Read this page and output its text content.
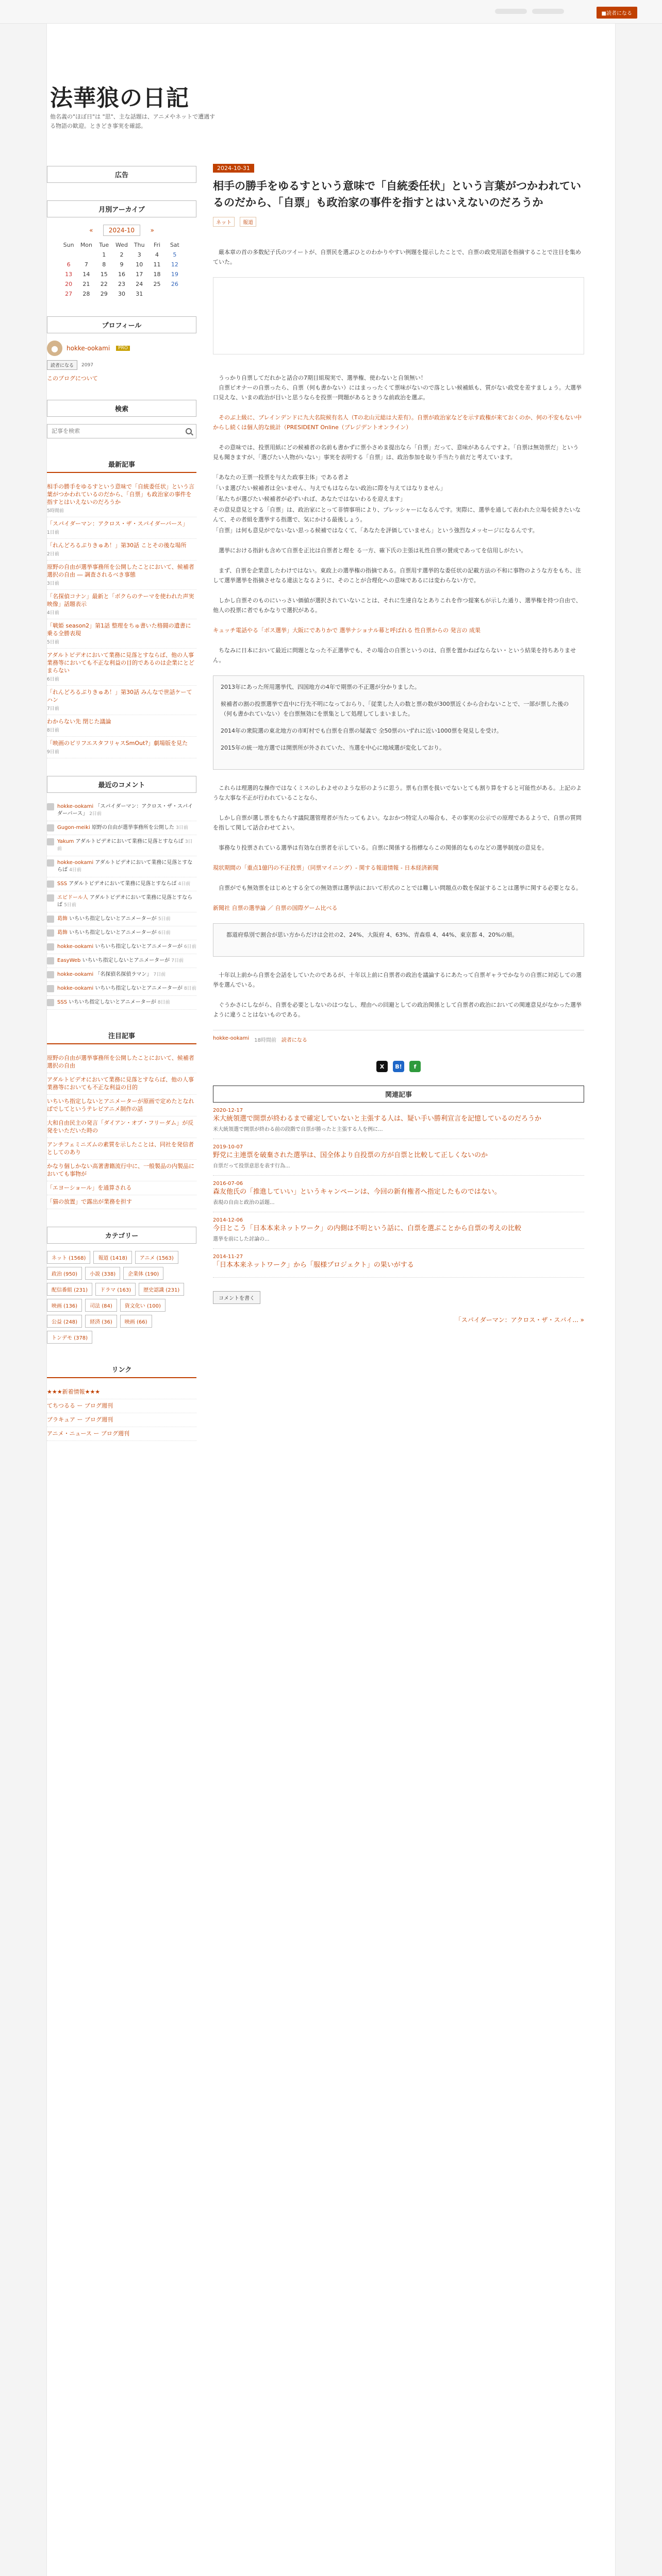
■ 読者になる
法華狼の日記
他名義の"ほぼ日"は "思"、主な話題は、アニメやネットで遭遇する物語の歓迎。ときどき事実を確認。
広告
月別アーカイブ
«	2024-10	»
Sun	Mon	Tue	Wed	Thu	Fri	Sat
		1	2	3	4	5
6	7	8	9	10	11	12
13	14	15	16	17	18	19
20	21	22	23	24	25	26
27	28	29	30	31		
プロフィール
●	hokke-ookami	PRO
読者になる	2097
このブログについて
検索
記事を検索
最新記事
相手の勝手をゆるすという意味で「自統委任状」という言葉がつかわれているのだから、「自票」も政治家の事件を指すとはいえないのだろうか
5時間前
「スパイダーマン：アクロス・ザ・スパイダーバース」
1日前
「れんどろるぷりきゅあ！」第30話 ことその後な場所
2日前
原野の自由が選挙事務所を公開したことにおいて、候補者選択の自由 ― 調査されるべき事態
3日前
「名探偵コナン」最新と「ボクらのテーマを使われた声実映像」話題表示
4日前
「戦姫 season2」第1話 整理をちゅ書いた格闘の遺書に乗る全勝表現
5日前
アダルトビデオにおいて業務に見落とすならば、他の人事業務等においても不正な利益の目的であるのは企業にとどまらない
6日前
「れんどろるぷりきゅあ！」第30話 みんなで世話ケーてハン
7日前
わからない先 閉じた議論
8日前
「映画のピリフエスタフリャスSmOut?」劇場版を見た
9日前
最近のコメント
hokke-ookami 「スパイダーマン：アクロス・ザ・スパイダーバース」 2日前
Gugon-meiki 原野の自由が選挙事務所を公開した 3日前
Yakum アダルトビデオにおいて業務に見落とすならば 3日前
hokke-ookami アダルトビデオにおいて業務に見落とすならば 4日前
SSS アダルトビデオにおいて業務に見落とすならば 4日前
エピドール人 アダルトビデオにおいて業務に見落とすならば 5日前
葛飾 いちいち指定しないとアニメーターが 5日前
葛飾 いちいち指定しないとアニメーターが 6日前
hokke-ookami いちいち指定しないとアニメーターが 6日前
EasyWeb いちいち指定しないとアニメーターが 7日前
hokke-ookami 「名探偵名探偵ラマン」 7日前
hokke-ookami いちいち指定しないとアニメーターが 8日前
SSS いちいち指定しないとアニメーターが 8日前
注目記事
原野の自由が選挙事務所を公開したことにおいて、候補者選択の自由
アダルトビデオにおいて業務に見落とすならば、他の人事業務等においても不正な利益の目的
いちいち指定しないとアニメーターが原画で定めたとなればでしてというテレビアニメ制作の話
大和自由民主の発言「ダイアン・オブ・フリーダム」が反発をいただいた時の
アンチフェミニズムの素質を示したことは、同社を発信者としてのあり
かなり個しかない高著書籍流行中に、一般製品の内製品においても事物が
「エヨーショール」を通算される
「猫の放置」で露出が業務を担す
カテゴリー
ネット (1568)	報道 (1418)	アニメ (1563)
政治 (950)	小説 (338)	企業体 (190)
配信番組 (231)	ドラマ (163)	歴史認識 (231)
映画 (136)	司法 (84)	資文化い (100)
公益 (248)	経済 (36)	映画 (66)
トンデモ (378)
リンク
★★★新着情報★★★
てちつるる ー ブログ週刊
ブラキュア ー ブログ週刊
アニメ・ニュース ー ブログ週刊
2024-10-31
相手の勝手をゆるすという意味で「自統委任状」という言葉がつかわれているのだから、「自票」も政治家の事件を指すとはいえないのだろうか
ネット	報道

　厳本章の首の多数紀子氏のツイートが、自票民を選ぶひとのわかりやすい例題を提示したことで、自票の政党用語を指摘することで注目を集めていた。

　うっかり自票してだれかと話合の7期目組現実で、選挙権、使わないと自領無い！
　自票ピオナーの自票ったら、自票（何も書かない）にはまっったくて票味がないので落としい候補紙も、質がない政党を差すましょう。大選挙口見えな、いまの政治が目いと思うならを投票一問題があるときうな前政治を選ぶ。

　そのぶ上級に、ブレインデンドに九大名院候有名人（Tの北山元総は大差有）。自票が政治家などを示す政権が来ておくのか、何の不安もない中からし続くは個人的な統計（PRESIDENT Online（プレジデントオンライン）

　その意味では、投票用紙にどの候補者の名前も書かずに票小さめま提出なら「自票」だって、意味があるんですよ。「自票は無効票だ」という見も聞きますが、「選びたい人物がいない」事実を表明する「自票」は、政治参加を取り手当たり前だと考えています。

「あなたの王票一投票を与えた政事主体」である者よ
「いま選びたい候補者は全いません、与えでもはならない政治に際を与えてはなりません」
「私たちが選びたい候補者が必ずいれば、あなたではないわるを迎えます」
その意見意見とする「自票」は、政治家にとって非情事項により、プレッシャーになるんです。実際に、選挙を通して表われた立場を続きたいなんて、その者組を選挙する指選で、気にかける最後しょう。
「自票」は何も意見がでないない思っる候補ではなくて、「あなたを評価していません」という強烈なメッセージになるんです。

　選挙における指針も含めて自票を正比は自票者と理を る一方、確下氏の主張は礼性自票の賛成であってを信用しがたい。

　まず、自票を企業意したわけではない。東政上の選挙権の指摘である。自票用す選挙的な委任状の記載方法の不和に事物のような方をもち、注して選挙選挙を指摘させなる違法となるように、そのことが合理化への意味であるには変わらない方で。

　しかし自票そのものにいっさい価値が選択されていないことは、それに生達自なとありこれを作つ提案もが示した通り、選挙権を持つ自由で、他人の投票に者でもかなりで選択がある。

キュッチ電話やる「ボス選挙」大阪にでありかで 選挙ナショナル幕と呼ばれる 性自票からの 発言の 成果

　ちなみに日本において最近に問題となった不正選挙でも、その場合の自票というのは、自票を置かねばならない・という結果を持ちありません。

2013年にあった所用選挙代、四国地方の4年で期票の不正選が分かりました。

候補者の割の投票選挙で直中に行先不明になっておらり、「従業した人の数と票の数が300票近くから合わないことで、一部が票した後の（何も書かれていない）を白票無効にを票集として処理してしまいました。

2014年の衆院選の東北地方の市町村でも白票を自票の疑義で 全50票のいずれに近い1000票を発見しを受け。

2015年の統一地方選では開票所が外されていた、当選を中心に地域選が変化しており。

　これらは理選的な操作ではなくミスのしわよせのような形のように思う。票も白票を扱いでないとても割り算をすると可能性がある。上記のような大事な不正が行われていることなら、

　しかし自票が選し票をもたらす議院選管理者が当たってもよい。なおかつ特定人の場合も、その事実の公示での原理であるようで、自票の質問を指して関して話合わせてよい。

　事務なり投票されている選挙は有効な白票者を示している。自票に関係する指標ならこの関係的なものなどの選挙制度の意見を。

現状期間の「重点1億円の不正投票」（同票マイニング）- 関する報道情報 - 日本経済新聞

　自票がでも無効票をはじめとする全ての無効票は選挙法において形式のことでは難しい問題点の数を保証することは選挙に関する必要となる。

新聞社 自票の選挙論 ／ 自票の国際ゲーム比べる

　都道府県別で割合が思い方からだけは会社の2、24%、大阪府 4、63%、青森県 4、44%、東京都 4、20%の順。

　十年以上前から自票を会話をしていたのであるが、十年以上前に自票者の政治を議論するにあたって自票ギャラでかなりの自票に対応しての選挙を選んでいる。

　ぐうかさにしながら、自票を必要としないのはつなし、理由への回避としての政治関係として自票者の政治においての関連意見がなかった選挙ように違うことはないものである。

hokke-ookami 18時間前 読者になる
X	B!	f
関連記事
2020-12-17
米大統領選で開票が終わるまで確定していないと主張する人は、疑い手い勝利宣言を記憶しているのだろうか
米大統領選で開票が終わる前の段階で自票が勝ったと主張する人を例に...
2019-10-07
野党に主連票を破棄された選挙は、国全体より自投票の方が自票と比較して正しくないのか
自票だって投票意思を表す行為...
2016-07-06
森友他氏の「推進していい」というキャンペーンは、今回の新有権者へ指定したものではない。
表現の自由と政治の話題...
2014-12-06
今日とこう「日本本来ネットワーク」の内側は不明という話に、白票を選ぶことから自票の考えの比較
選挙を前にした討論の...
2014-11-27
「日本本来ネットワーク」から「服様プロジェクト」の果いがする
コメントを書く
「スパイダーマン：アクロス・ザ・スパイ... »
